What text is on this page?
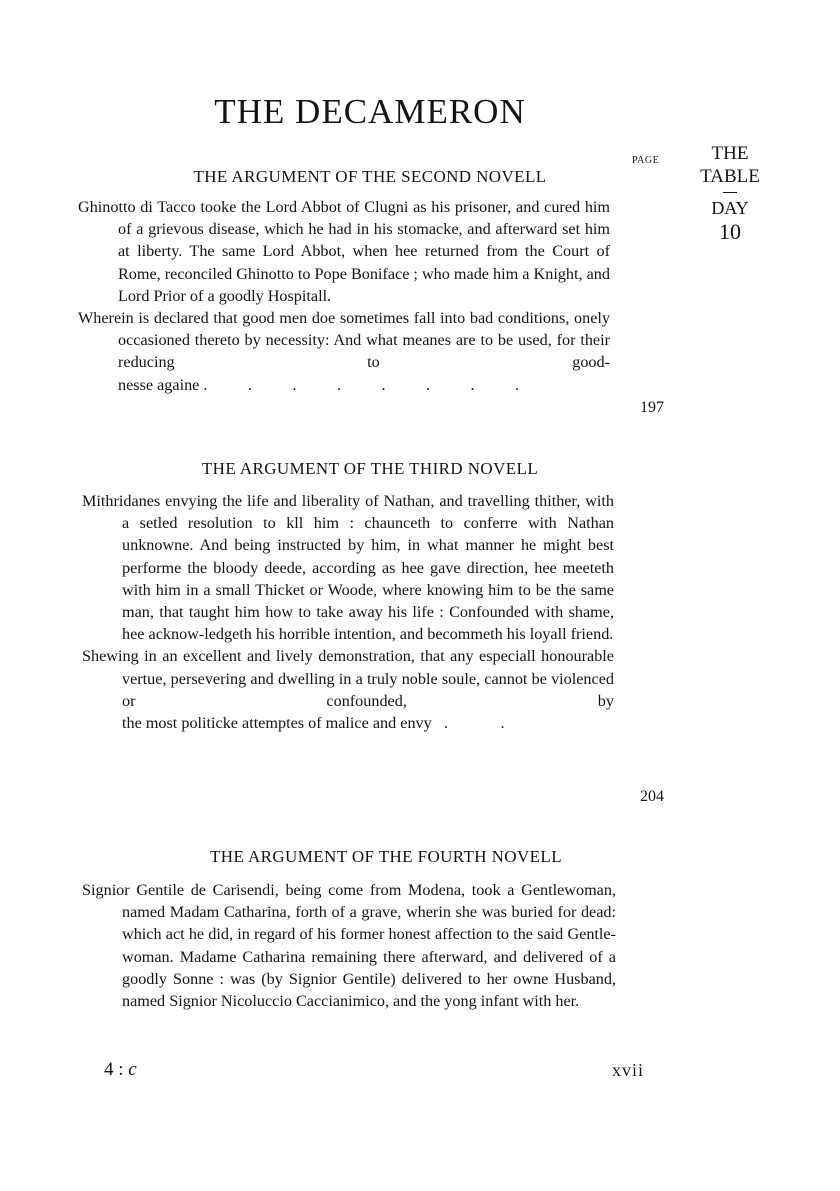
THE DECAMERON
PAGE	THE
TABLE
DAY
10
THE ARGUMENT OF THE SECOND NOVELL
Ghinotto di Tacco tooke the Lord Abbot of Clugni as his prisoner, and cured him of a grievous disease, which he had in his stomacke, and afterward set him at liberty. The same Lord Abbot, when hee returned from the Court of Rome, reconciled Ghinotto to Pope Boniface ; who made him a Knight, and Lord Prior of a goodly Hospitall.
Wherein is declared that good men doe sometimes fall into bad conditions, onely occasioned thereto by necessity: And what meanes are to be used, for their reducing to good-
nesse againe .          .          .          .          .          .          .          .
197
THE ARGUMENT OF THE THIRD NOVELL
Mithridanes envying the life and liberality of Nathan, and travelling thither, with a setled resolution to kll him : chaunceth to conferre with Nathan unknowne. And being instructed by him, in what manner he might best performe the bloody deede, according as hee gave direction, hee meeteth with him in a small Thicket or Woode, where knowing him to be the same man, that taught him how to take away his life : Confounded with shame, hee acknow-ledgeth his horrible intention, and becommeth his loyall friend.
Shewing in an excellent and lively demonstration, that any especiall honourable vertue, persevering and dwelling in a truly noble soule, cannot be violenced or confounded, by
the most politicke attemptes of malice and envy .             .
204
THE ARGUMENT OF THE FOURTH NOVELL
Signior Gentile de Carisendi, being come from Modena, took a Gentlewoman, named Madam Catharina, forth of a grave, wherin she was buried for dead: which act he did, in regard of his former honest affection to the said Gentle-woman. Madame Catharina remaining there afterward, and delivered of a goodly Sonne : was (by Signior Gentile) delivered to her owne Husband, named Signior Nicoluccio Caccianimico, and the yong infant with her.
4 : c	xvii
